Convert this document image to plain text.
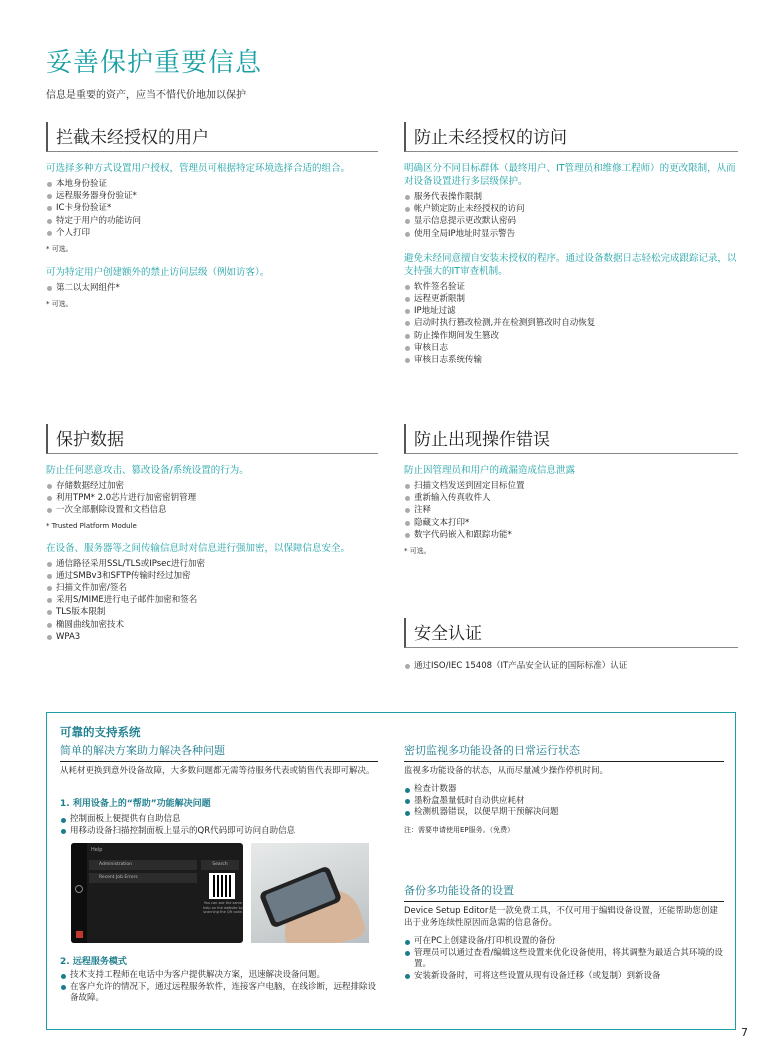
妥善保护重要信息
信息是重要的资产，应当不惜代价地加以保护
拦截未经授权的用户
可选择多种方式设置用户授权，管理员可根据特定环境选择合适的组合。
本地身份验证
远程服务器身份验证*
IC卡身份验证*
特定于用户的功能访问
个人打印
* 可选。
可为特定用户创建额外的禁止访问层级（例如访客）。
第二以太网组件*
* 可选。
防止未经授权的访问
明确区分不同目标群体（最终用户、IT管理员和维修工程师）的更改限制，从而对设备设置进行多层级保护。
服务代表操作限制
帐户锁定防止未经授权的访问
显示信息提示更改默认密码
使用全局IP地址时显示警告
避免未经同意擅自安装未授权的程序。通过设备数据日志轻松完成跟踪记录，以支持强大的IT审查机制。
软件签名验证
远程更新限制
IP地址过滤
启动时执行篡改检测,并在检测到篡改时自动恢复
防止操作期间发生篡改
审核日志
审核日志系统传输
保护数据
防止任何恶意攻击、篡改设备/系统设置的行为。
存储数据经过加密
利用TPM* 2.0芯片进行加密密钥管理
一次全部删除设置和文档信息
* Trusted Platform Module
在设备、服务器等之间传输信息时对信息进行强加密，以保障信息安全。
通信路径采用SSL/TLS或IPsec进行加密
通过SMBv3和SFTP传输时经过加密
扫描文件加密/签名
采用S/MIME进行电子邮件加密和签名
TLS版本限制
椭圆曲线加密技术
WPA3
防止出现操作错误
防止因管理员和用户的疏漏造成信息泄露
扫描文档发送到固定目标位置
重新输入传真收件人
注释
隐藏文本打印*
数字代码嵌入和跟踪功能*
* 可选。
安全认证
通过ISO/IEC 15408（IT产品安全认证的国际标准）认证
可靠的支持系统
简单的解决方案助力解决各种问题
从耗材更换到意外设备故障，大多数问题都无需等待服务代表或销售代表即可解决。
1. 利用设备上的“帮助”功能解决问题
控制面板上便提供有自助信息
用移动设备扫描控制面板上显示的QR代码即可访问自助信息
Help
Administration
Recent Job Errors
Search
You can see the same help on the website by scanning the QR code.
2. 远程服务模式
技术支持工程师在电话中为客户提供解决方案，迅速解决设备问题。
在客户允许的情况下，通过远程服务软件，连接客户电脑，在线诊断，远程排除设备故障。
密切监视多功能设备的日常运行状态
监视多功能设备的状态，从而尽量减少操作停机时间。
检查计数器
墨粉盒墨量低时自动供应耗材
检测机器错误，以便早期干预解决问题
注：需要申请使用EP服务。（免费）
备份多功能设备的设置
Device Setup Editor是一款免费工具，不仅可用于编辑设备设置，还能帮助您创建出于业务连续性原因而急需的信息备份。
可在PC上创建设备/打印机设置的备份
管理员可以通过查看/编辑这些设置来优化设备使用，将其调整为最适合其环境的设置。
安装新设备时，可将这些设置从现有设备迁移（或复制）到新设备
7
